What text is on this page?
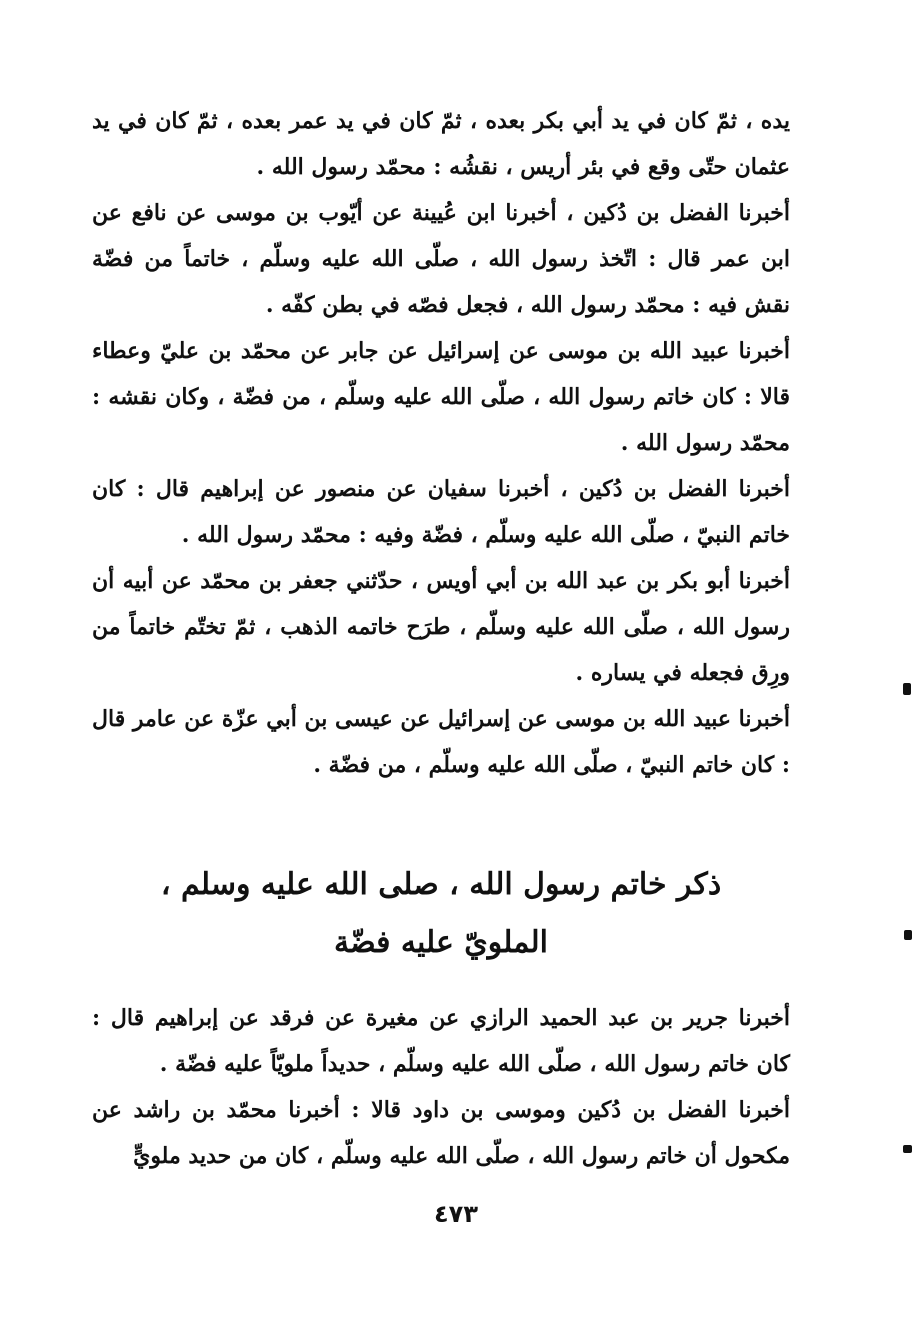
يده ، ثمّ كان في يد أبي بكر بعده ، ثمّ كان في يد عمر بعده ، ثمّ كان في يد عثمان حتّى وقع في بئر أريس ، نقشُه : محمّد رسول الله .

أخبرنا الفضل بن دُكين ، أخبرنا ابن عُيينة عن أيّوب بن موسى عن نافع عن ابن عمر قال : اتّخذ رسول الله ، صلّى الله عليه وسلّم ، خاتماً من فضّة نقش فيه : محمّد رسول الله ، فجعل فصّه في بطن كفّه .

أخبرنا عبيد الله بن موسى عن إسرائيل عن جابر عن محمّد بن عليّ وعطاء قالا : كان خاتم رسول الله ، صلّى الله عليه وسلّم ، من فضّة ، وكان نقشه : محمّد رسول الله .

أخبرنا الفضل بن دُكين ، أخبرنا سفيان عن منصور عن إبراهيم قال : كان خاتم النبيّ ، صلّى الله عليه وسلّم ، فضّة وفيه : محمّد رسول الله .

أخبرنا أبو بكر بن عبد الله بن أبي أويس ، حدّثني جعفر بن محمّد عن أبيه أن رسول الله ، صلّى الله عليه وسلّم ، طرَح خاتمه الذهب ، ثمّ تختّم خاتماً من ورِق فجعله في يساره .

أخبرنا عبيد الله بن موسى عن إسرائيل عن عيسى بن أبي عزّة عن عامر قال : كان خاتم النبيّ ، صلّى الله عليه وسلّم ، من فضّة .

ذكر خاتم رسول الله ، صلى الله عليه وسلم ،
الملويّ عليه فضّة

أخبرنا جرير بن عبد الحميد الرازي عن مغيرة عن فرقد عن إبراهيم قال : كان خاتم رسول الله ، صلّى الله عليه وسلّم ، حديداً ملويّاً عليه فضّة .

أخبرنا الفضل بن دُكين وموسى بن داود قالا : أخبرنا محمّد بن راشد عن مكحول أن خاتم رسول الله ، صلّى الله عليه وسلّم ، كان من حديد ملويٍّ

٤٧٣
